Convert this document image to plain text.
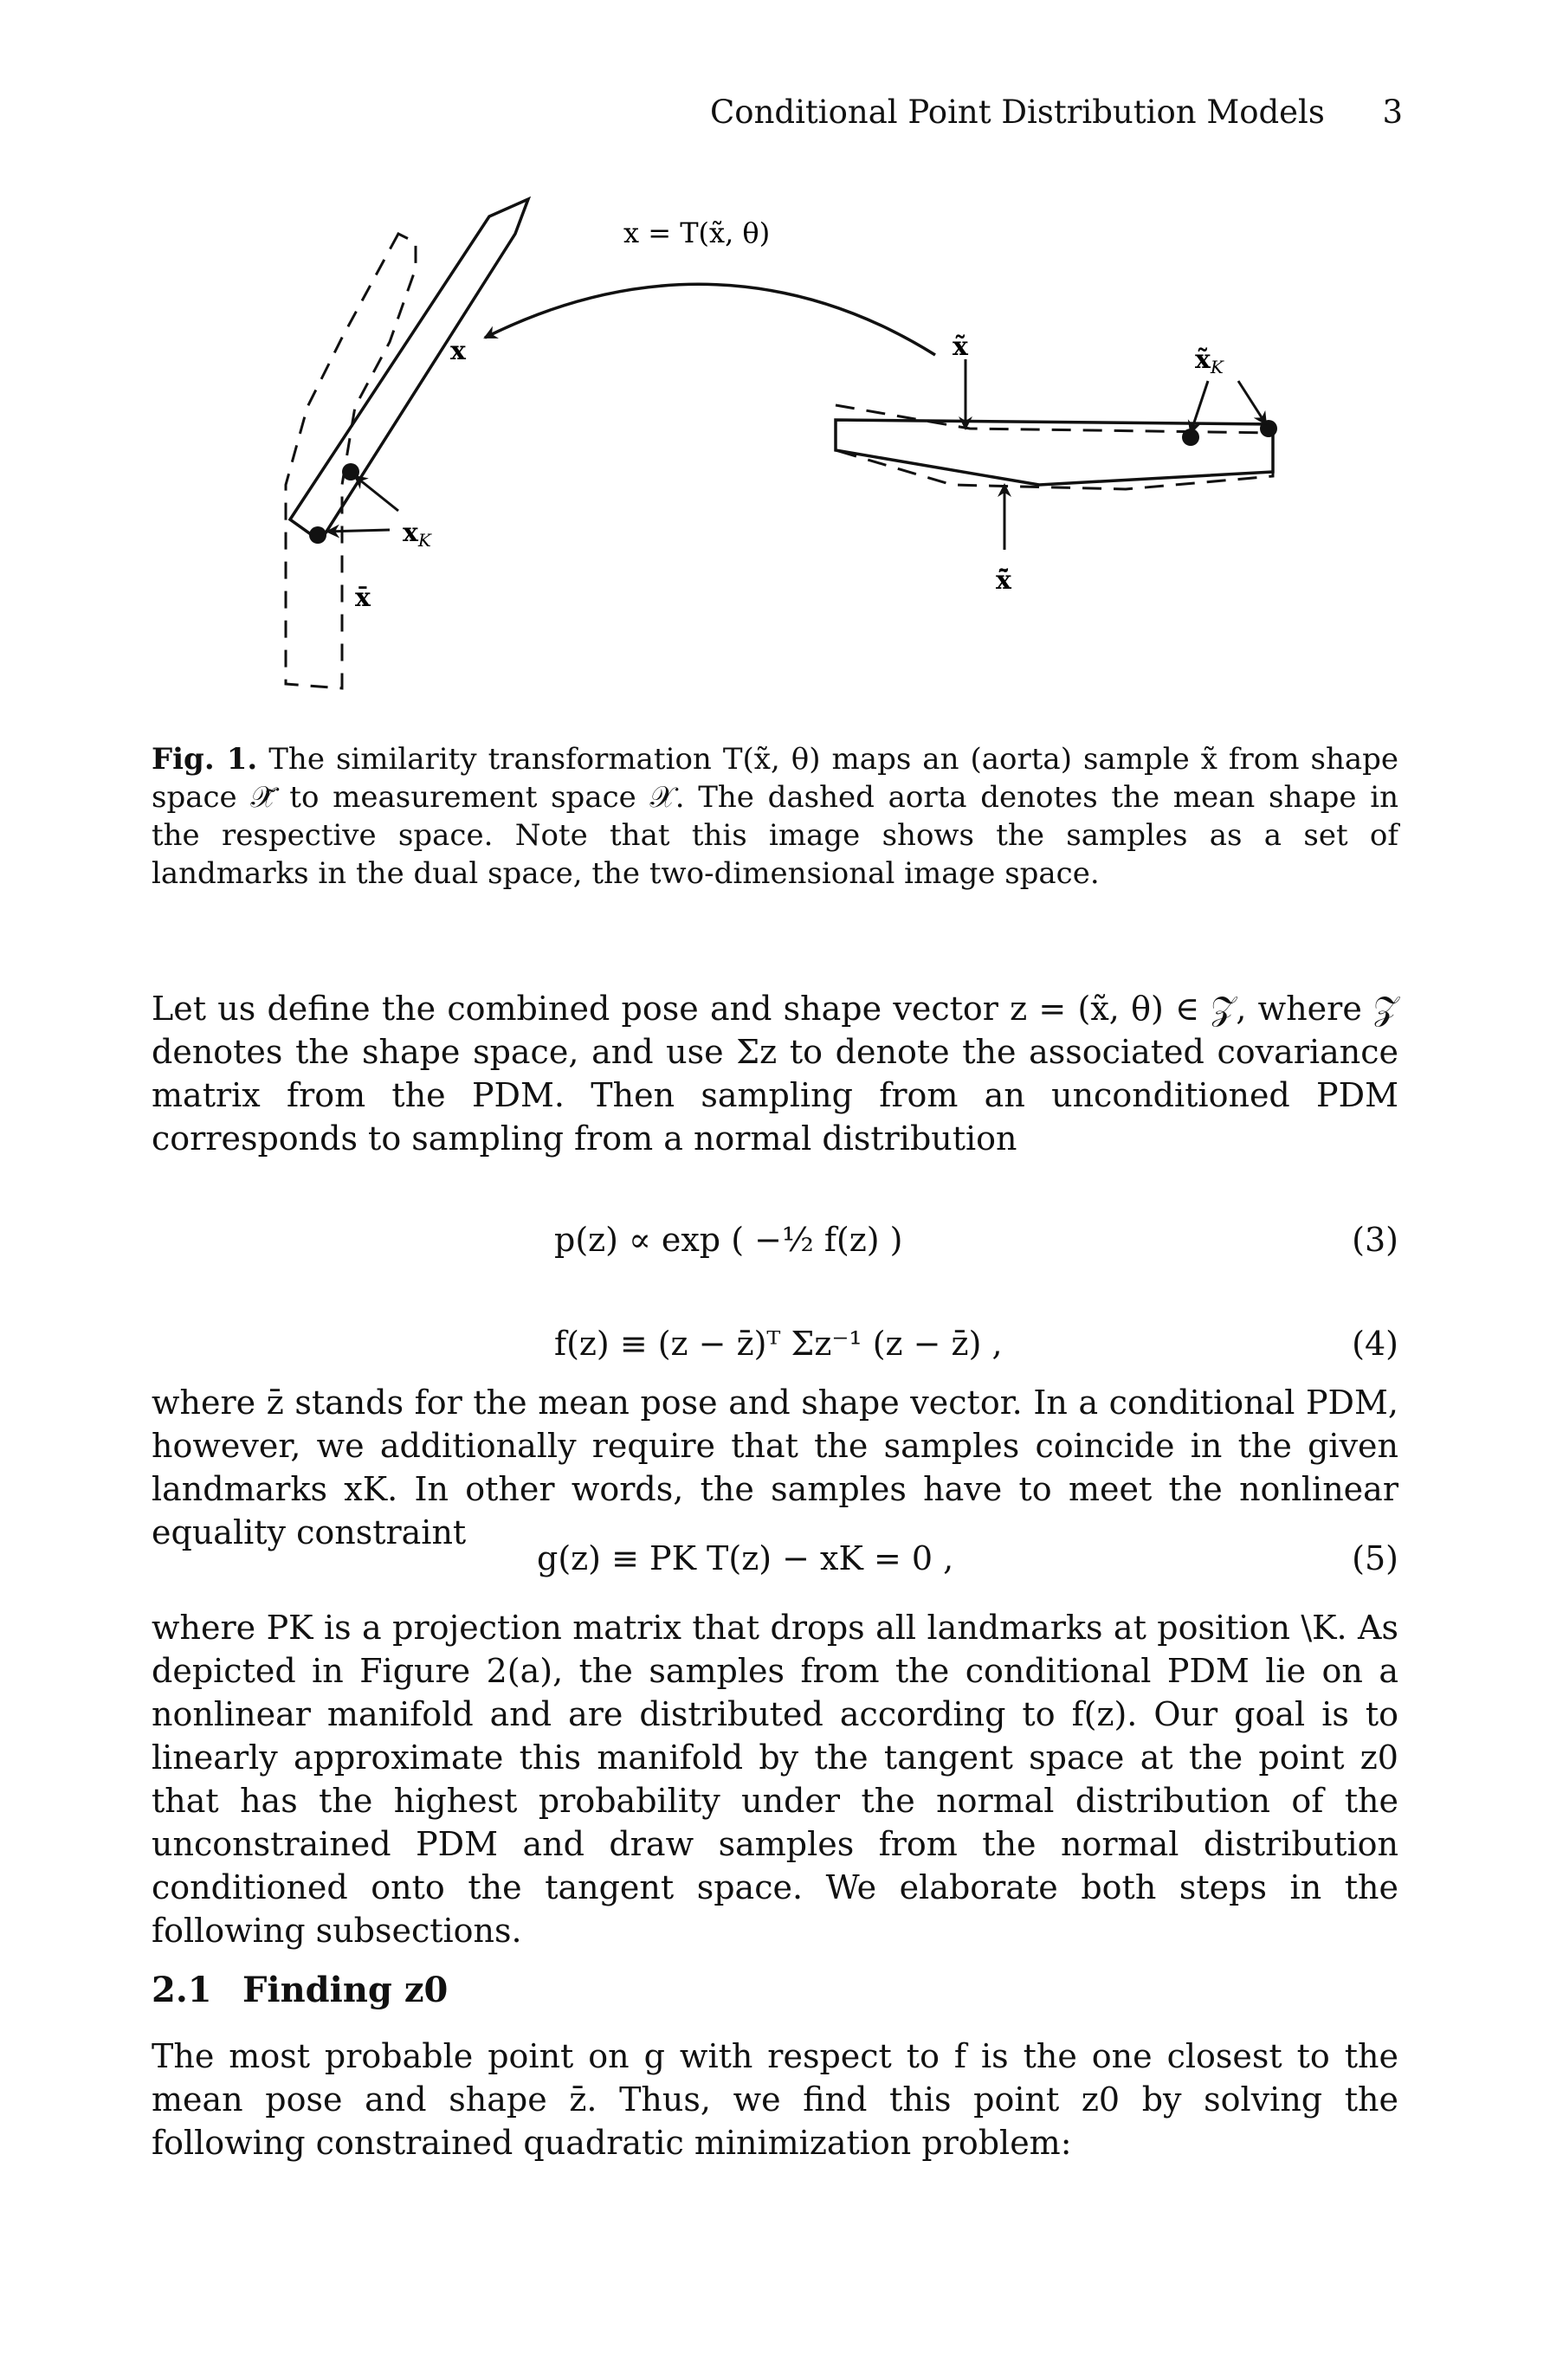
Conditional Point Distribution Models 3
x = T(x̃, θ)
x
$x_K$
x̄
x̃	$x̃_K$
x̄̃
Fig. 1. The similarity transformation T(x̃, θ) maps an (aorta) sample x̃ from shape space 𝒳̃ to measurement space 𝒳. The dashed aorta denotes the mean shape in the respective space. Note that this image shows the samples as a set of landmarks in the dual space, the two-dimensional image space.
Let us define the combined pose and shape vector z = (x̃, θ) ∈ 𝒵, where 𝒵 denotes the shape space, and use Σz to denote the associated covariance matrix from the PDM. Then sampling from an unconditioned PDM corresponds to sampling from a normal distribution
p(z) ∝ exp ( −½ f(z) )	(3)
f(z) ≡ (z − z̄)ᵀ Σz⁻¹ (z − z̄) ,	(4)
where z̄ stands for the mean pose and shape vector. In a conditional PDM, however, we additionally require that the samples coincide in the given landmarks xK. In other words, the samples have to meet the nonlinear equality constraint
g(z) ≡ PK T(z) − xK = 0 ,	(5)
where PK is a projection matrix that drops all landmarks at position \K. As depicted in Figure 2(a), the samples from the conditional PDM lie on a nonlinear manifold and are distributed according to f(z). Our goal is to linearly approximate this manifold by the tangent space at the point z0 that has the highest probability under the normal distribution of the unconstrained PDM and draw samples from the normal distribution conditioned onto the tangent space. We elaborate both steps in the following subsections.
2.1 Finding z0
The most probable point on g with respect to f is the one closest to the mean pose and shape z̄. Thus, we find this point z0 by solving the following constrained quadratic minimization problem:
